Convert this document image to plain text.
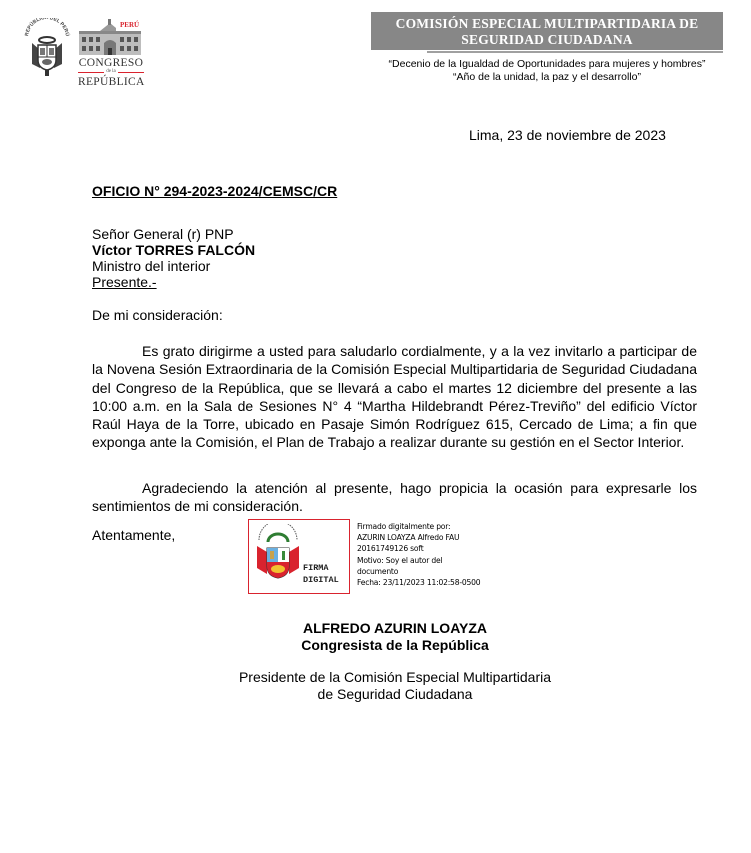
REPÚBLICA DEL PERÚ
PERÚ
CONGRESO
de la
REPÚBLICA
COMISIÓN ESPECIAL MULTIPARTIDARIA DE
SEGURIDAD CIUDADANA
“Decenio de la Igualdad de Oportunidades para mujeres y hombres”
“Año de la unidad, la paz y el desarrollo”
Lima, 23 de noviembre de 2023
OFICIO N° 294-2023-2024/CEMSC/CR
Señor General (r) PNP
Víctor TORRES FALCÓN
Ministro del interior
Presente.-
De mi consideración:
Es grato dirigirme a usted para saludarlo cordialmente, y a la vez invitarlo a participar de la Novena Sesión Extraordinaria de la Comisión Especial Multipartidaria de Seguridad Ciudadana del Congreso de la República, que se llevará a cabo el martes 12 diciembre del presente a las 10:00 a.m. en la Sala de Sesiones N° 4 “Martha Hildebrandt Pérez-Treviño” del edificio Víctor Raúl Haya de la Torre, ubicado en Pasaje Simón Rodríguez 615, Cercado de Lima; a fin que exponga ante la Comisión, el Plan de Trabajo a realizar durante su gestión en el Sector Interior.
Agradeciendo la atención al presente, hago propicia la ocasión para expresarle los sentimientos de mi consideración.
Atentamente,
FIRMA
DIGITAL
Firmado digitalmente por:
AZURIN LOAYZA Alfredo FAU
20161749126 soft
Motivo: Soy el autor del
documento
Fecha: 23/11/2023 11:02:58-0500
ALFREDO AZURIN LOAYZA
Congresista de la República
Presidente de la Comisión Especial Multipartidaria
de Seguridad Ciudadana
